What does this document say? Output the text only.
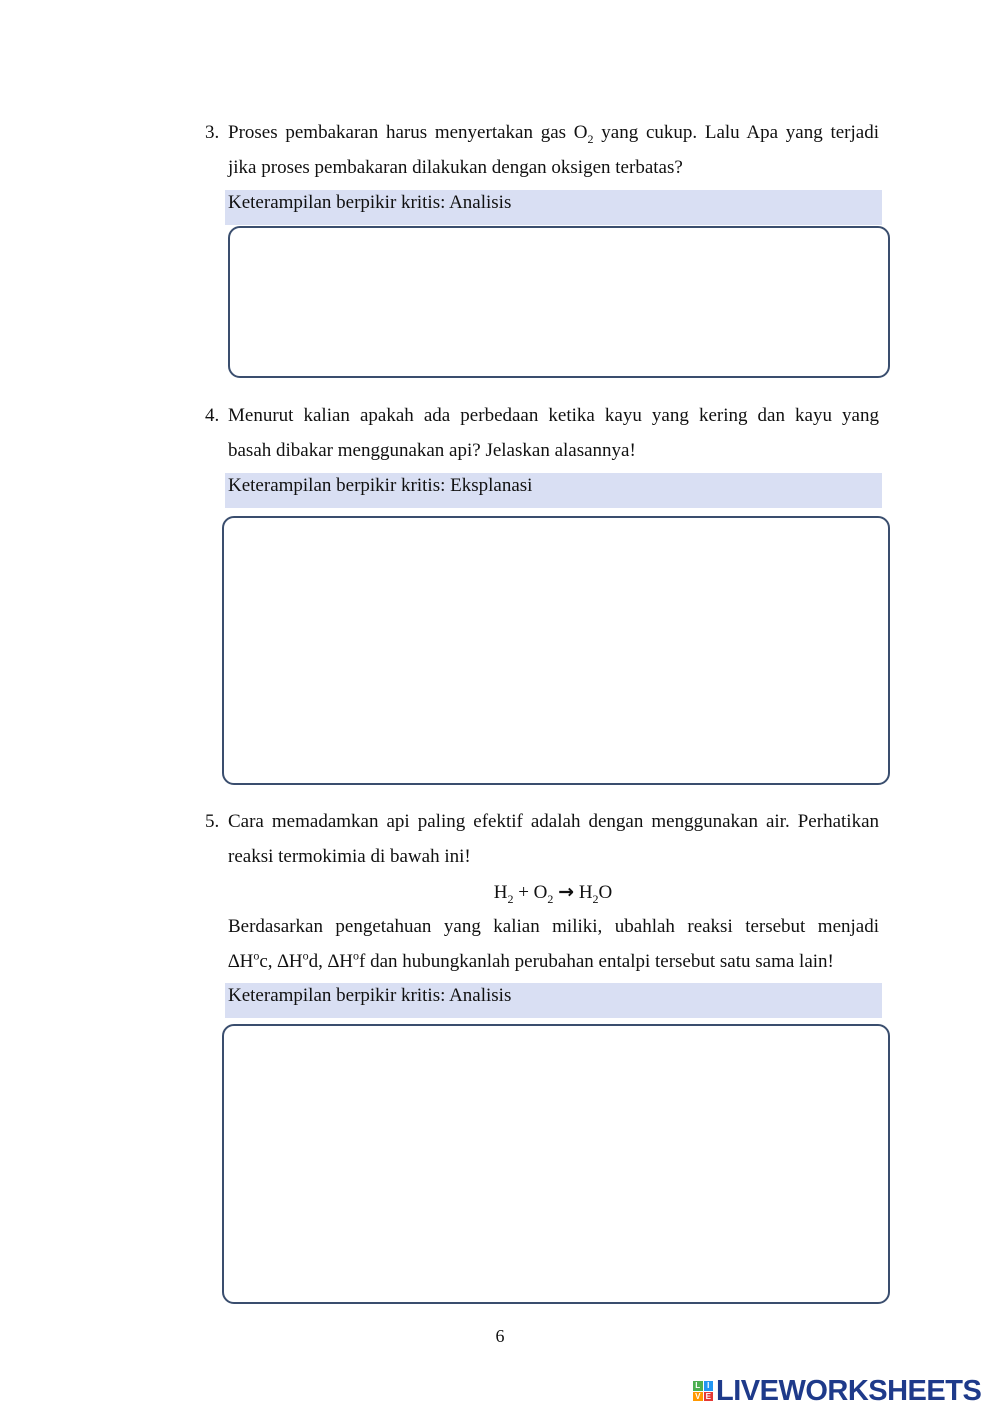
3. Proses pembakaran harus menyertakan gas $O_2$ yang cukup. Lalu Apa yang terjadi
jika proses pembakaran dilakukan dengan oksigen terbatas?
Keterampilan berpikir kritis: Analisis
4. Menurut kalian apakah ada perbedaan ketika kayu yang kering dan kayu yang
basah dibakar menggunakan api? Jelaskan alasannya!
Keterampilan berpikir kritis: Eksplanasi
5. Cara memadamkan api paling efektif adalah dengan menggunakan air. Perhatikan
reaksi termokimia di bawah ini!
$H_2 + O_2 \to H_2O$
Berdasarkan pengetahuan yang kalian miliki, ubahlah reaksi tersebut menjadi
$\Delta H^oc$, $\Delta H^od$, $\Delta H^of$ dan hubungkanlah perubahan entalpi tersebut satu sama lain!
Keterampilan berpikir kritis: Analisis
6
L I
V E LIVEWORKSHEETS
